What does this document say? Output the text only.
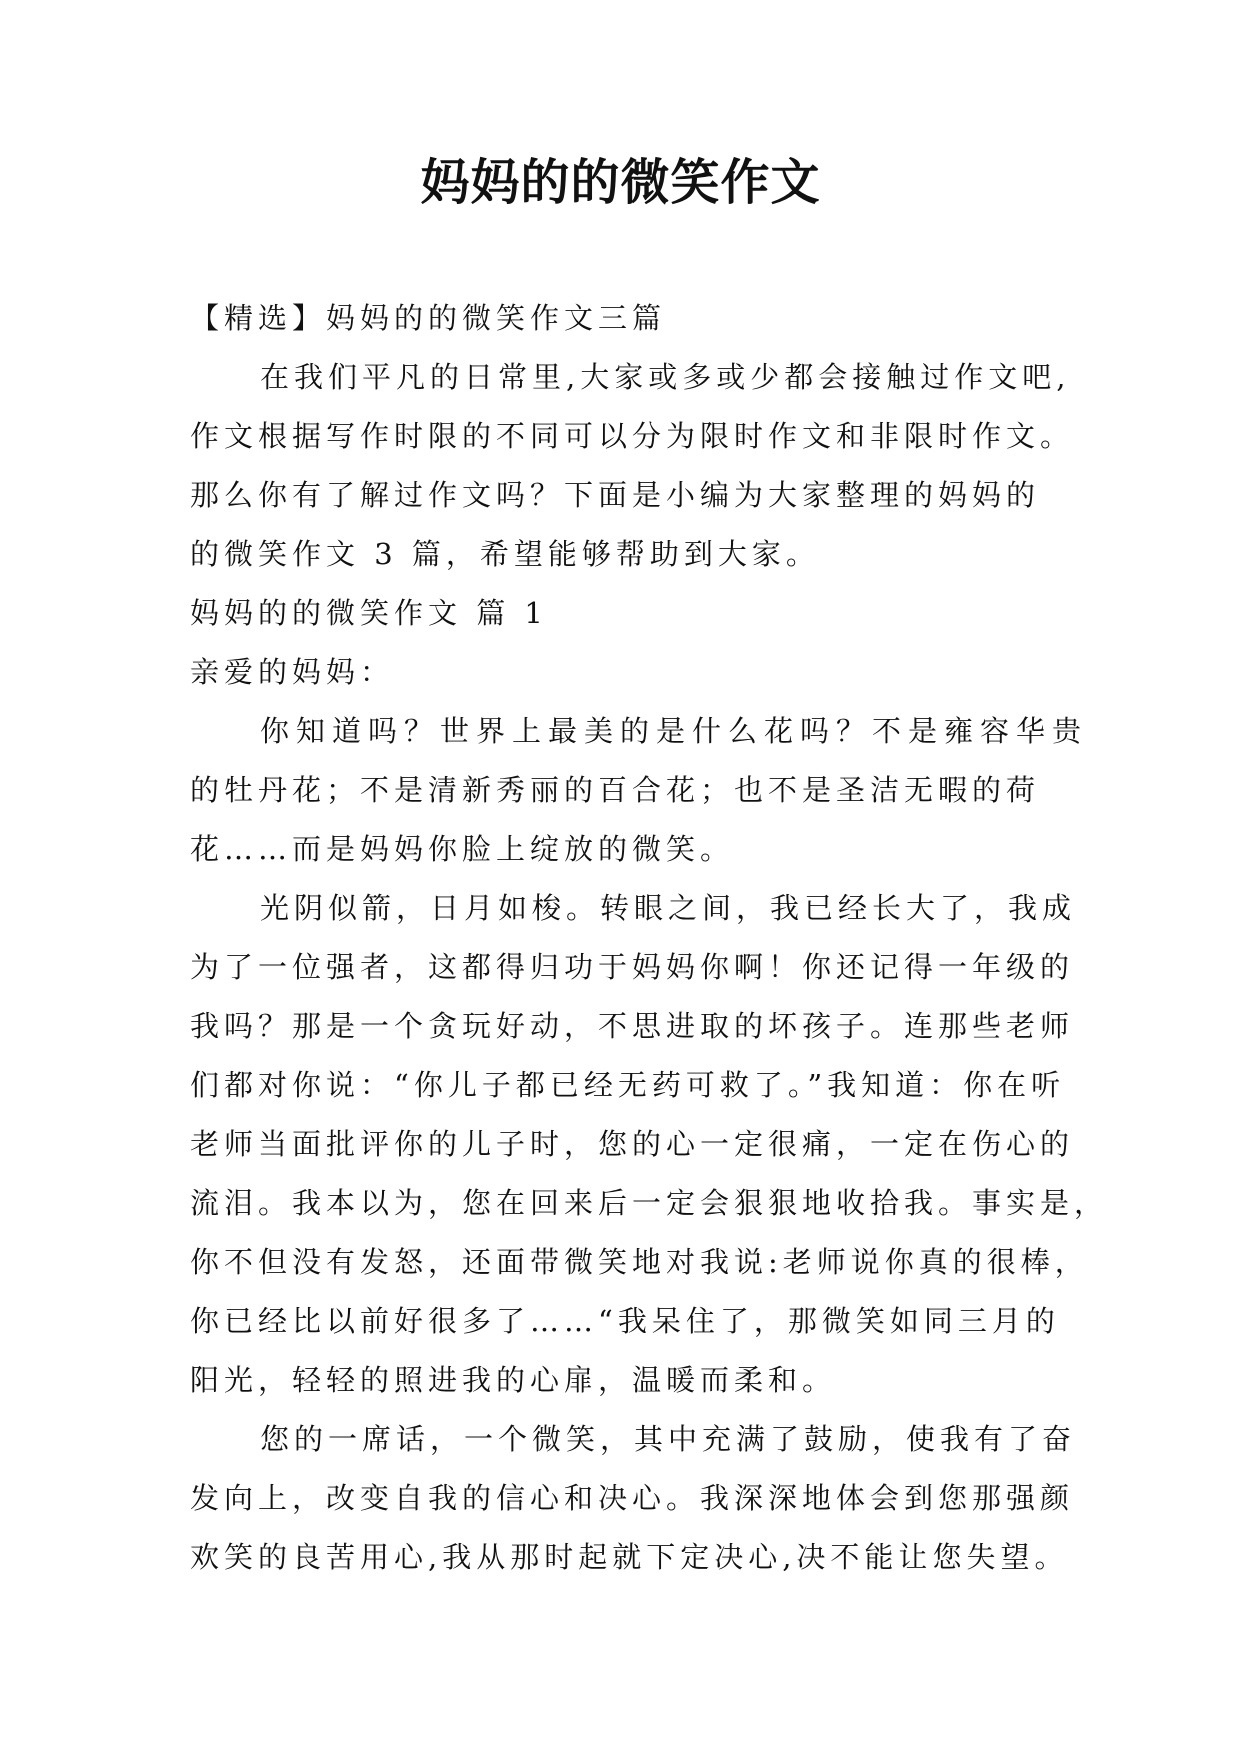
妈妈的的微笑作文
【精选】妈妈的的微笑作文三篇
在我们平凡的日常里,大家或多或少都会接触过作文吧,
作文根据写作时限的不同可以分为限时作文和非限时作文。
那么你有了解过作文吗？下面是小编为大家整理的妈妈的
的微笑作文 3 篇，希望能够帮助到大家。
妈妈的的微笑作文 篇 1
亲爱的妈妈：
你知道吗？世界上最美的是什么花吗？不是雍容华贵
的牡丹花；不是清新秀丽的百合花；也不是圣洁无暇的荷
花……而是妈妈你脸上绽放的微笑。
光阴似箭，日月如梭。转眼之间，我已经长大了，我成
为了一位强者，这都得归功于妈妈你啊！你还记得一年级的
我吗？那是一个贪玩好动，不思进取的坏孩子。连那些老师
们都对你说：“你儿子都已经无药可救了。”我知道：你在听
老师当面批评你的儿子时，您的心一定很痛，一定在伤心的
流泪。我本以为，您在回来后一定会狠狠地收拾我。事实是，
你不但没有发怒，还面带微笑地对我说:老师说你真的很棒，
你已经比以前好很多了……“我呆住了，那微笑如同三月的
阳光，轻轻的照进我的心扉，温暖而柔和。
您的一席话，一个微笑，其中充满了鼓励，使我有了奋
发向上，改变自我的信心和决心。我深深地体会到您那强颜
欢笑的良苦用心,我从那时起就下定决心,决不能让您失望。
